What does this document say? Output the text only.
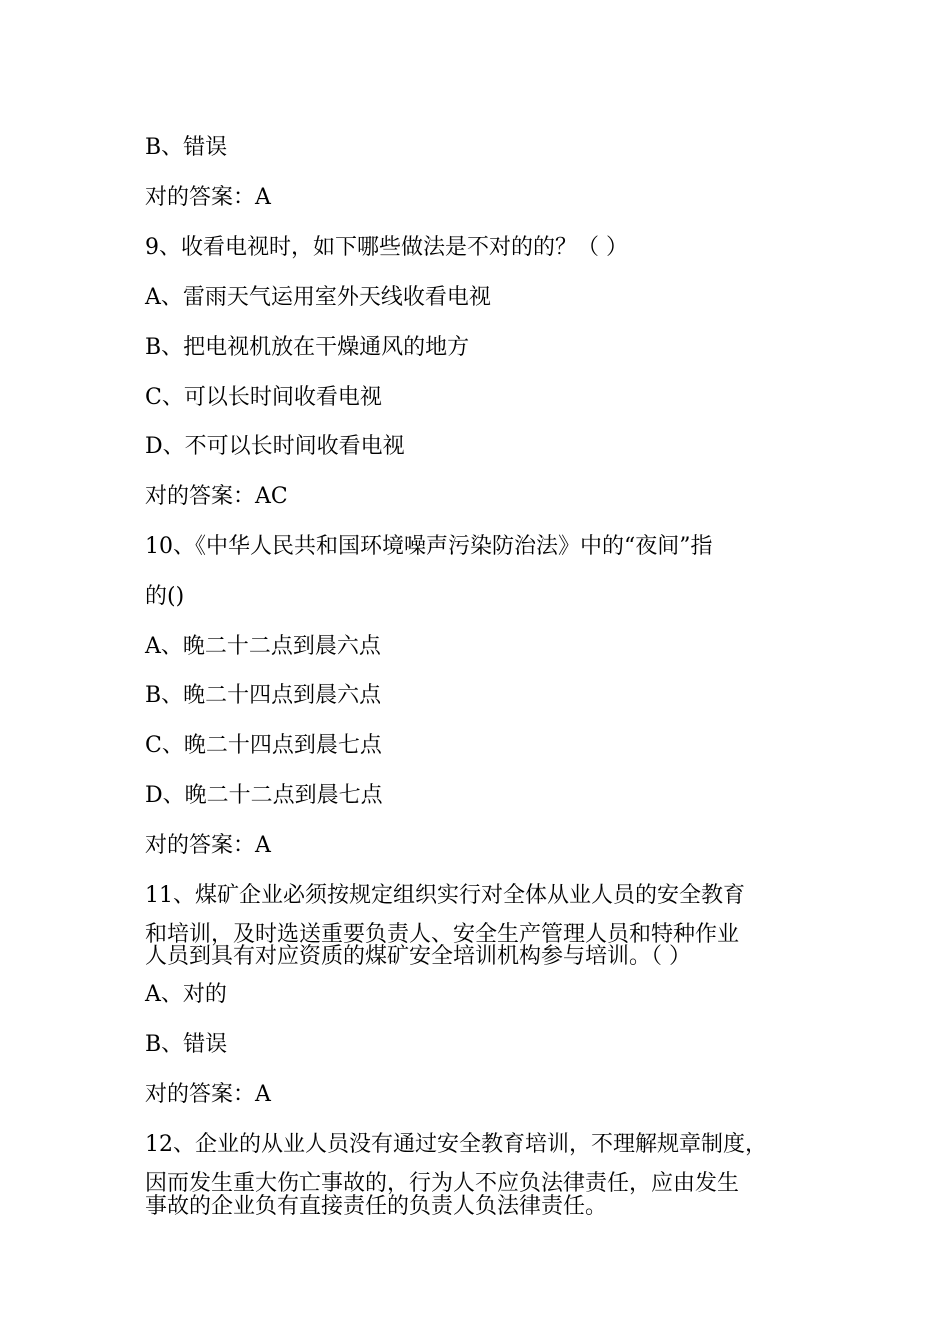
B、错误

对的答案：A

9、收看电视时，如下哪些做法是不对的的？（ ）

A、雷雨天气运用室外天线收看电视

B、把电视机放在干燥通风的地方

C、可以长时间收看电视

D、不可以长时间收看电视

对的答案：AC

10、《中华人民共和国环境噪声污染防治法》中的“夜间”指

的()

A、晚二十二点到晨六点

B、晚二十四点到晨六点

C、晚二十四点到晨七点

D、晚二十二点到晨七点

对的答案：A

11、煤矿企业必须按规定组织实行对全体从业人员的安全教育

和培训，及时选送重要负责人、安全生产管理人员和特种作业

人员到具有对应资质的煤矿安全培训机构参与培训。（ ）

A、对的

B、错误

对的答案：A

12、企业的从业人员没有通过安全教育培训，不理解规章制度，

因而发生重大伤亡事故的，行为人不应负法律责任，应由发生

事故的企业负有直接责任的负责人负法律责任。
